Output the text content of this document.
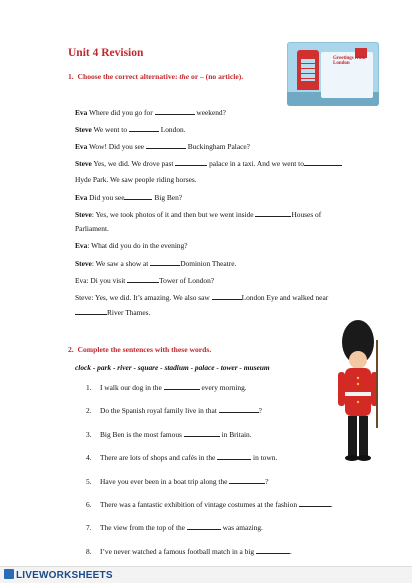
Unit 4 Revision	Greetings from London
1. Choose the correct alternative: the or – (no article).
Eva Where did you go for	weekend?
Steve We went to	London.
Eva Wow! Did you see	Buckingham Palace?
Steve Yes, we did. We drove past	palace in a taxi. And we went to
Hyde Park. We saw people riding horses.
Eva Did you see	Big Ben?
Steve: Yes, we took photos of it and then but we went inside	Houses of
Parliament.
Eva: What did you do in the evening?
Steve: We saw a show at	Dominion Theatre.
Eva: Di you visit	Tower of London?
Steve: Yes, we did. It’s amazing. We also saw	London Eye and walked near
River Thames.
2. Complete the sentences with these words.
clock - park - river - square - stadium - palace - tower - museum
1. I walk our dog in the	every morning.
2. Do the Spanish royal family live in that	?
3. Big Ben is the most famous	in Britain.
4. There are lots of shops and cafés in the	in town.
5. Have you ever been in a boat trip along the	?
6. There was a fantastic exhibition of vintage costumes at the fashion	.
7. The view from the top of the	was amazing.
8. I’ve never watched a famous football match in a big	.
LIVEWORKSHEETS
